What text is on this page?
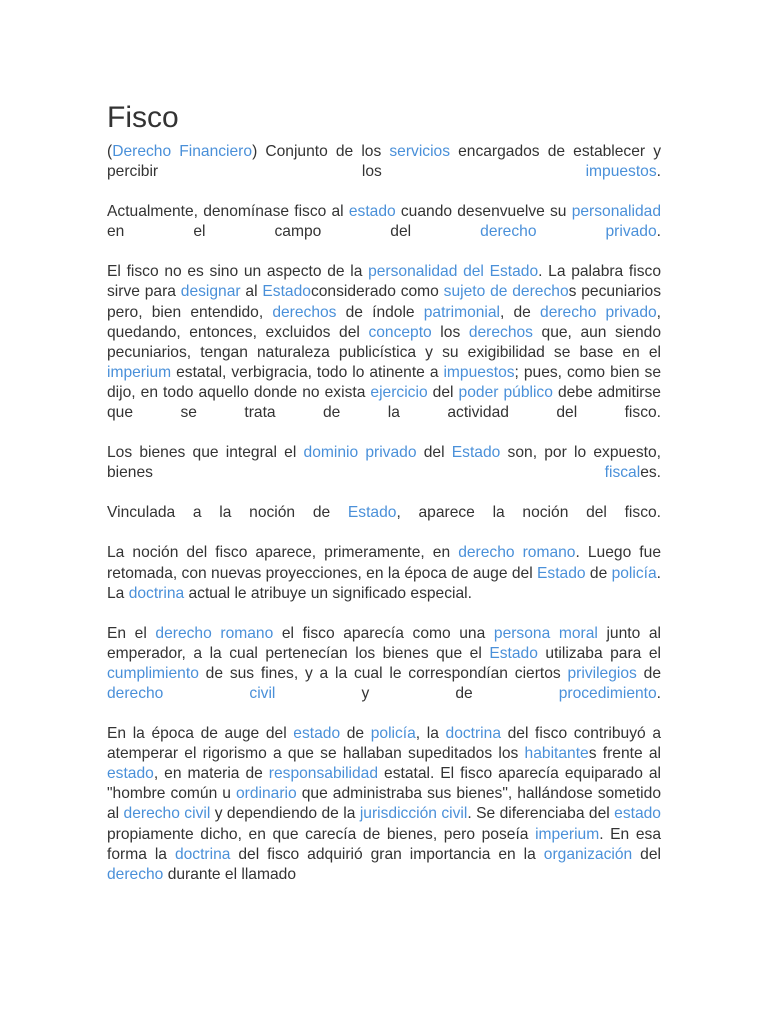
Fisco

(Derecho Financiero) Conjunto de los servicios encargados de establecer y percibir los impuestos.

Actualmente, denomínase fisco al estado cuando desenvuelve su personalidad en el campo del derecho privado.

El fisco no es sino un aspecto de la personalidad del Estado. La palabra fisco sirve para designar al Estadoconsiderado como sujeto de derechos pecuniarios pero, bien entendido, derechos de índole patrimonial, de derecho privado, quedando, entonces, excluidos del concepto los derechos que, aun siendo pecuniarios, tengan naturaleza publicística y su exigibilidad se base en el imperium estatal, verbigracia, todo lo atinente a impuestos; pues, como bien se dijo, en todo aquello donde no exista ejercicio del poder público debe admitirse que se trata de la actividad del fisco.

Los bienes que integral el dominio privado del Estado son, por lo expuesto, bienes fiscales.

Vinculada a la noción de Estado, aparece la noción del fisco.

La noción del fisco aparece, primeramente, en derecho romano. Luego fue retomada, con nuevas proyecciones, en la época de auge del Estado de policía. La doctrina actual le atribuye un significado especial.

En el derecho romano el fisco aparecía como una persona moral junto al emperador, a la cual pertenecían los bienes que el Estado utilizaba para el cumplimiento de sus fines, y a la cual le correspondían ciertos privilegios de derecho civil y de procedimiento.

En la época de auge del estado de policía, la doctrina del fisco contribuyó a atemperar el rigorismo a que se hallaban supeditados los habitantes frente al estado, en materia de responsabilidad estatal. El fisco aparecía equiparado al "hombre común u ordinario que administraba sus bienes", hallándose sometido al derecho civil y dependiendo de la jurisdicción civil. Se diferenciaba del estado propiamente dicho, en que carecía de bienes, pero poseía imperium. En esa forma la doctrina del fisco adquirió gran importancia en la organización del derecho durante el llamado
